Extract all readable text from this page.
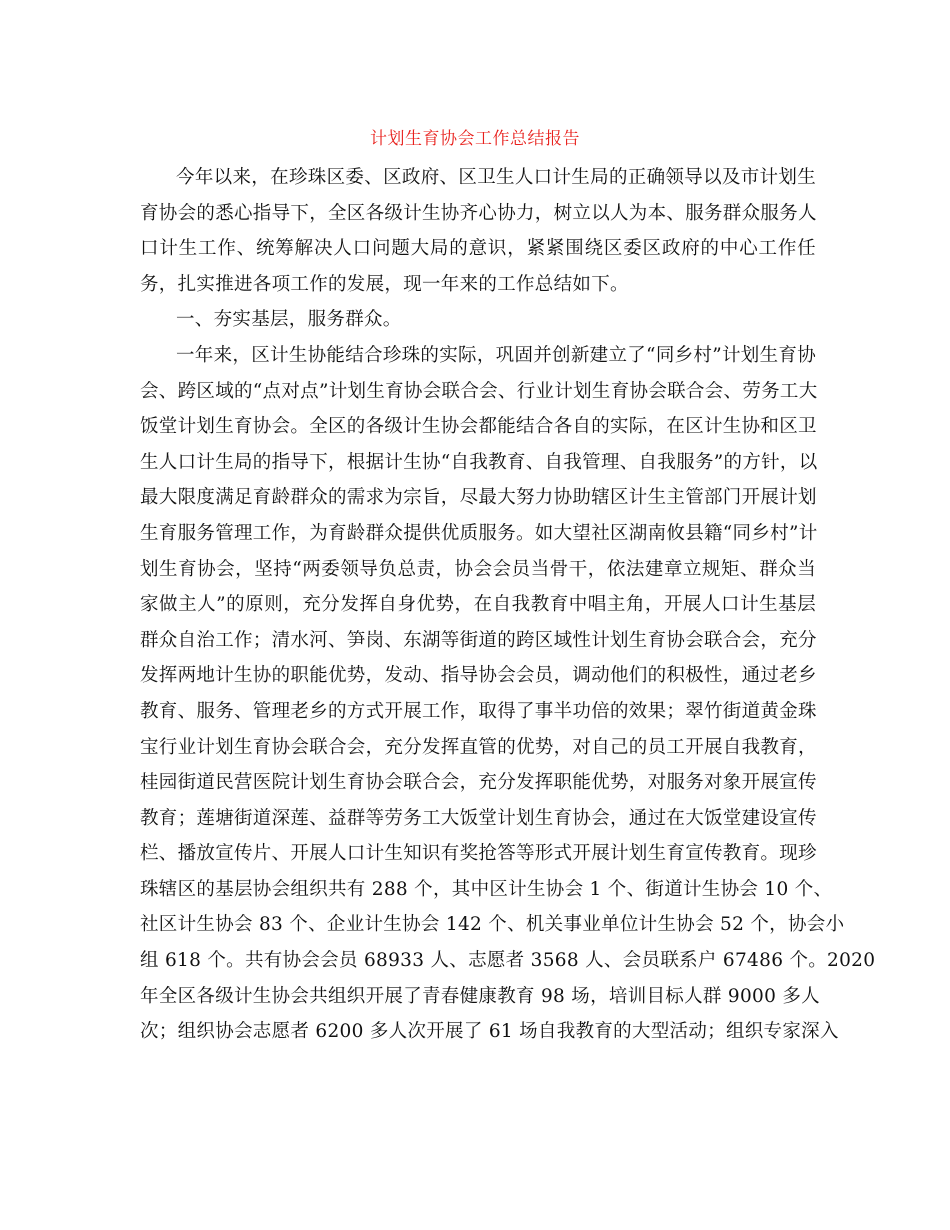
计划生育协会工作总结报告
今年以来，在珍珠区委、区政府、区卫生人口计生局的正确领导以及市计划生
育协会的悉心指导下，全区各级计生协齐心协力，树立以人为本、服务群众服务人
口计生工作、统筹解决人口问题大局的意识，紧紧围绕区委区政府的中心工作任
务，扎实推进各项工作的发展，现一年来的工作总结如下。
一、夯实基层，服务群众。
一年来，区计生协能结合珍珠的实际，巩固并创新建立了“同乡村”计划生育协
会、跨区域的“点对点”计划生育协会联合会、行业计划生育协会联合会、劳务工大
饭堂计划生育协会。全区的各级计生协会都能结合各自的实际，在区计生协和区卫
生人口计生局的指导下，根据计生协“自我教育、自我管理、自我服务”的方针，以
最大限度满足育龄群众的需求为宗旨，尽最大努力协助辖区计生主管部门开展计划
生育服务管理工作，为育龄群众提供优质服务。如大望社区湖南攸县籍“同乡村”计
划生育协会，坚持“两委领导负总责，协会会员当骨干，依法建章立规矩、群众当
家做主人”的原则，充分发挥自身优势，在自我教育中唱主角，开展人口计生基层
群众自治工作；清水河、笋岗、东湖等街道的跨区域性计划生育协会联合会，充分
发挥两地计生协的职能优势，发动、指导协会会员，调动他们的积极性，通过老乡
教育、服务、管理老乡的方式开展工作，取得了事半功倍的效果；翠竹街道黄金珠
宝行业计划生育协会联合会，充分发挥直管的优势，对自己的员工开展自我教育，
桂园街道民营医院计划生育协会联合会，充分发挥职能优势，对服务对象开展宣传
教育；莲塘街道深莲、益群等劳务工大饭堂计划生育协会，通过在大饭堂建设宣传
栏、播放宣传片、开展人口计生知识有奖抢答等形式开展计划生育宣传教育。现珍
珠辖区的基层协会组织共有 288 个，其中区计生协会 1 个、街道计生协会 10 个、
社区计生协会 83 个、企业计生协会 142 个、机关事业单位计生协会 52 个，协会小
组 618 个。共有协会会员 68933 人、志愿者 3568 人、会员联系户 67486 个。2020
年全区各级计生协会共组织开展了青春健康教育 98 场，培训目标人群 9000 多人
次；组织协会志愿者 6200 多人次开展了 61 场自我教育的大型活动；组织专家深入
